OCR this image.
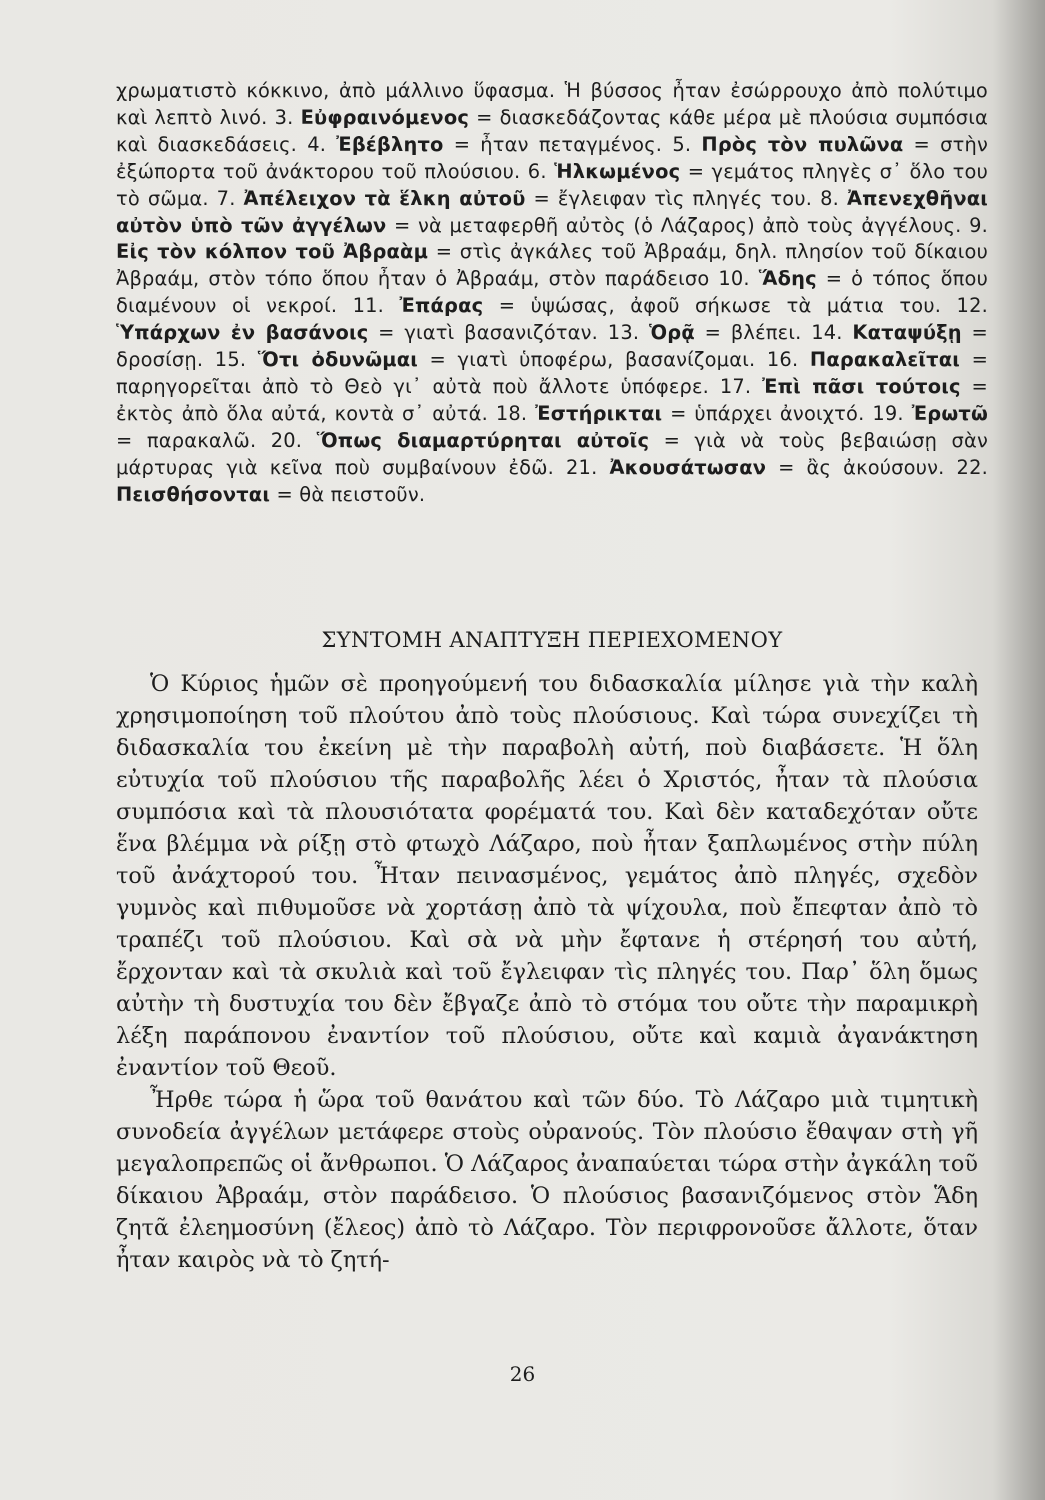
χρωματιστὸ κόκκινο, ἀπὸ μάλλινο ὕφασμα. Ἡ βύσσος ἦταν ἐσώρρουχο ἀπὸ πολύτιμο καὶ λεπτὸ λινό. 3. Εὐφραινόμενος = διασκεδάζοντας κάθε μέρα μὲ πλούσια συμπόσια καὶ διασκεδάσεις. 4. Ἐβέβλητο = ἦταν πεταγμένος. 5. Πρὸς τὸν πυλῶνα = στὴν ἐξώπορτα τοῦ ἀνάκτορου τοῦ πλούσιου. 6. Ἡλκωμένος = γεμάτος πληγὲς σ᾽ ὅλο του τὸ σῶμα. 7. Ἀπέλειχον τὰ ἕλκη αὐτοῦ = ἔγλειφαν τὶς πληγές του. 8. Ἀπενεχθῆναι αὐτὸν ὑπὸ τῶν ἀγγέλων = νὰ μεταφερθῆ αὐτὸς (ὁ Λάζαρος) ἀπὸ τοὺς ἀγγέλους. 9. Εἰς τὸν κόλπον τοῦ Ἀβραὰμ = στὶς ἀγκάλες τοῦ Ἀβραάμ, δηλ. πλησίον τοῦ δίκαιου Ἀβραάμ, στὸν τόπο ὅπου ἦταν ὁ Ἀβραάμ, στὸν παράδεισο 10. Ἅδης = ὁ τόπος ὅπου διαμένουν οἱ νεκροί. 11. Ἐπάρας = ὑψώσας, ἀφοῦ σήκωσε τὰ μάτια του. 12. Ὑπάρχων ἐν βασάνοις = γιατὶ βασανιζόταν. 13. Ὁρᾷ = βλέπει. 14. Καταψύξῃ = δροσίσῃ. 15. Ὅτι ὀδυνῶμαι = γιατὶ ὑποφέρω, βασανίζομαι. 16. Παρακαλεῖται = παρηγορεῖται ἀπὸ τὸ Θεὸ γι᾽ αὐτὰ ποὺ ἄλλοτε ὑπόφερε. 17. Ἐπὶ πᾶσι τούτοις = ἐκτὸς ἀπὸ ὅλα αὐτά, κοντὰ σ᾽ αὐτά. 18. Ἐστήρικται = ὑπάρχει ἀνοιχτό. 19. Ἐρωτῶ = παρακαλῶ. 20. Ὅπως διαμαρτύρηται αὐτοῖς = γιὰ νὰ τοὺς βεβαιώσῃ σὰν μάρτυρας γιὰ κεῖνα ποὺ συμβαίνουν ἐδῶ. 21. Ἀκουσάτωσαν = ἂς ἀκούσουν. 22. Πεισθήσονται = θὰ πειστοῦν.
ΣΥΝΤΟΜΗ ΑΝΑΠΤΥΞΗ ΠΕΡΙΕΧΟΜΕΝΟΥ

Ὁ Κύριος ἡμῶν σὲ προηγούμενή του διδασκαλία μίλησε γιὰ τὴν καλὴ χρησιμοποίηση τοῦ πλούτου ἀπὸ τοὺς πλούσιους. Καὶ τώρα συνεχίζει τὴ διδασκαλία του ἐκείνη μὲ τὴν παραβολὴ αὐτή, ποὺ διαβάσετε. Ἡ ὅλη εὐτυχία τοῦ πλούσιου τῆς παραβολῆς λέει ὁ Χριστός, ἦταν τὰ πλούσια συμπόσια καὶ τὰ πλουσιότατα φορέματά του. Καὶ δὲν καταδεχόταν οὔτε ἕνα βλέμμα νὰ ρίξῃ στὸ φτωχὸ Λάζαρο, ποὺ ἦταν ξαπλωμένος στὴν πύλη τοῦ ἀνάχτορού του. Ἦταν πεινασμένος, γεμάτος ἀπὸ πληγές, σχεδὸν γυμνὸς καὶ πιθυμοῦσε νὰ χορτάσῃ ἀπὸ τὰ ψίχουλα, ποὺ ἔπεφταν ἀπὸ τὸ τραπέζι τοῦ πλούσιου. Καὶ σὰ νὰ μὴν ἔφτανε ἡ στέρησή του αὐτή, ἔρχονταν καὶ τὰ σκυλιὰ καὶ τοῦ ἔγλειφαν τὶς πληγές του. Παρ᾽ ὅλη ὅμως αὐτὴν τὴ δυστυχία του δὲν ἔβγαζε ἀπὸ τὸ στόμα του οὔτε τὴν παραμικρὴ λέξη παράπονου ἐναντίον τοῦ πλούσιου, οὔτε καὶ καμιὰ ἀγανάκτηση ἐναντίον τοῦ Θεοῦ.

Ἦρθε τώρα ἡ ὥρα τοῦ θανάτου καὶ τῶν δύο. Τὸ Λάζαρο μιὰ τιμητικὴ συνοδεία ἀγγέλων μετάφερε στοὺς οὐρανούς. Τὸν πλούσιο ἔθαψαν στὴ γῆ μεγαλοπρεπῶς οἱ ἄνθρωποι. Ὁ Λάζαρος ἀναπαύεται τώρα στὴν ἀγκάλη τοῦ δίκαιου Ἀβραάμ, στὸν παράδεισο. Ὁ πλούσιος βασανιζόμενος στὸν Ἅδη ζητᾶ ἐλεημοσύνη (ἔλεος) ἀπὸ τὸ Λάζαρο. Τὸν περιφρονοῦσε ἄλλοτε, ὅταν ἦταν καιρὸς νὰ τὸ ζητή-

26
